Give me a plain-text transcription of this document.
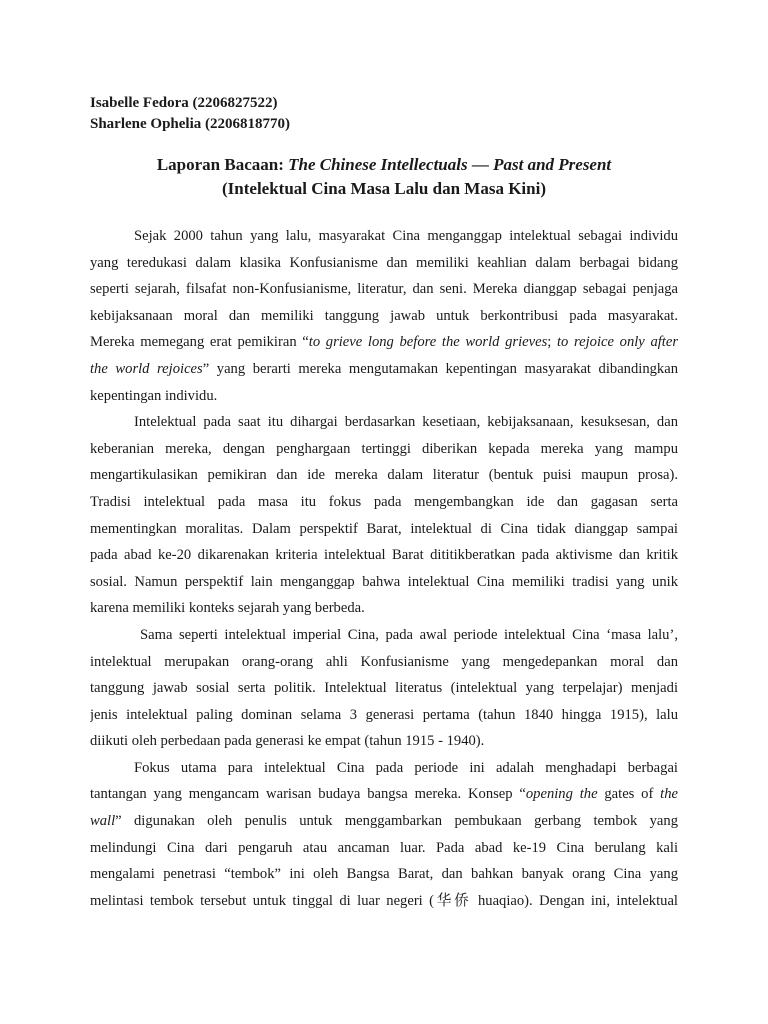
Isabelle Fedora (2206827522)
Sharlene Ophelia (2206818770)
Laporan Bacaan: The Chinese Intellectuals — Past and Present
(Intelektual Cina Masa Lalu dan Masa Kini)
Sejak 2000 tahun yang lalu, masyarakat Cina menganggap intelektual sebagai individu
yang teredukasi dalam klasika Konfusianisme dan memiliki keahlian dalam berbagai bidang
seperti sejarah, filsafat non-Konfusianisme, literatur, dan seni. Mereka dianggap sebagai penjaga
kebijaksanaan moral dan memiliki tanggung jawab untuk berkontribusi pada masyarakat.
Mereka memegang erat pemikiran “to grieve long before the world grieves; to rejoice only after
the world rejoices” yang berarti mereka mengutamakan kepentingan masyarakat dibandingkan
kepentingan individu.
Intelektual pada saat itu dihargai berdasarkan kesetiaan, kebijaksanaan, kesuksesan, dan
keberanian mereka, dengan penghargaan tertinggi diberikan kepada mereka yang mampu
mengartikulasikan pemikiran dan ide mereka dalam literatur (bentuk puisi maupun prosa).
Tradisi intelektual pada masa itu fokus pada mengembangkan ide dan gagasan serta
mementingkan moralitas. Dalam perspektif Barat, intelektual di Cina tidak dianggap sampai
pada abad ke-20 dikarenakan kriteria intelektual Barat dititikberatkan pada aktivisme dan kritik
sosial. Namun perspektif lain menganggap bahwa intelektual Cina memiliki tradisi yang unik
karena memiliki konteks sejarah yang berbeda.
Sama seperti intelektual imperial Cina, pada awal periode intelektual Cina ‘masa lalu’,
intelektual merupakan orang-orang ahli Konfusianisme yang mengedepankan moral dan
tanggung jawab sosial serta politik. Intelektual literatus (intelektual yang terpelajar) menjadi
jenis intelektual paling dominan selama 3 generasi pertama (tahun 1840 hingga 1915), lalu
diikuti oleh perbedaan pada generasi ke empat (tahun 1915 - 1940).
Fokus utama para intelektual Cina pada periode ini adalah menghadapi berbagai
tantangan yang mengancam warisan budaya bangsa mereka. Konsep “opening the gates of the
wall” digunakan oleh penulis untuk menggambarkan pembukaan gerbang tembok yang
melindungi Cina dari pengaruh atau ancaman luar. Pada abad ke-19 Cina berulang kali
mengalami penetrasi “tembok” ini oleh Bangsa Barat, dan bahkan banyak orang Cina yang
melintasi tembok tersebut untuk tinggal di luar negeri (华侨 huaqiao). Dengan ini, intelektual
